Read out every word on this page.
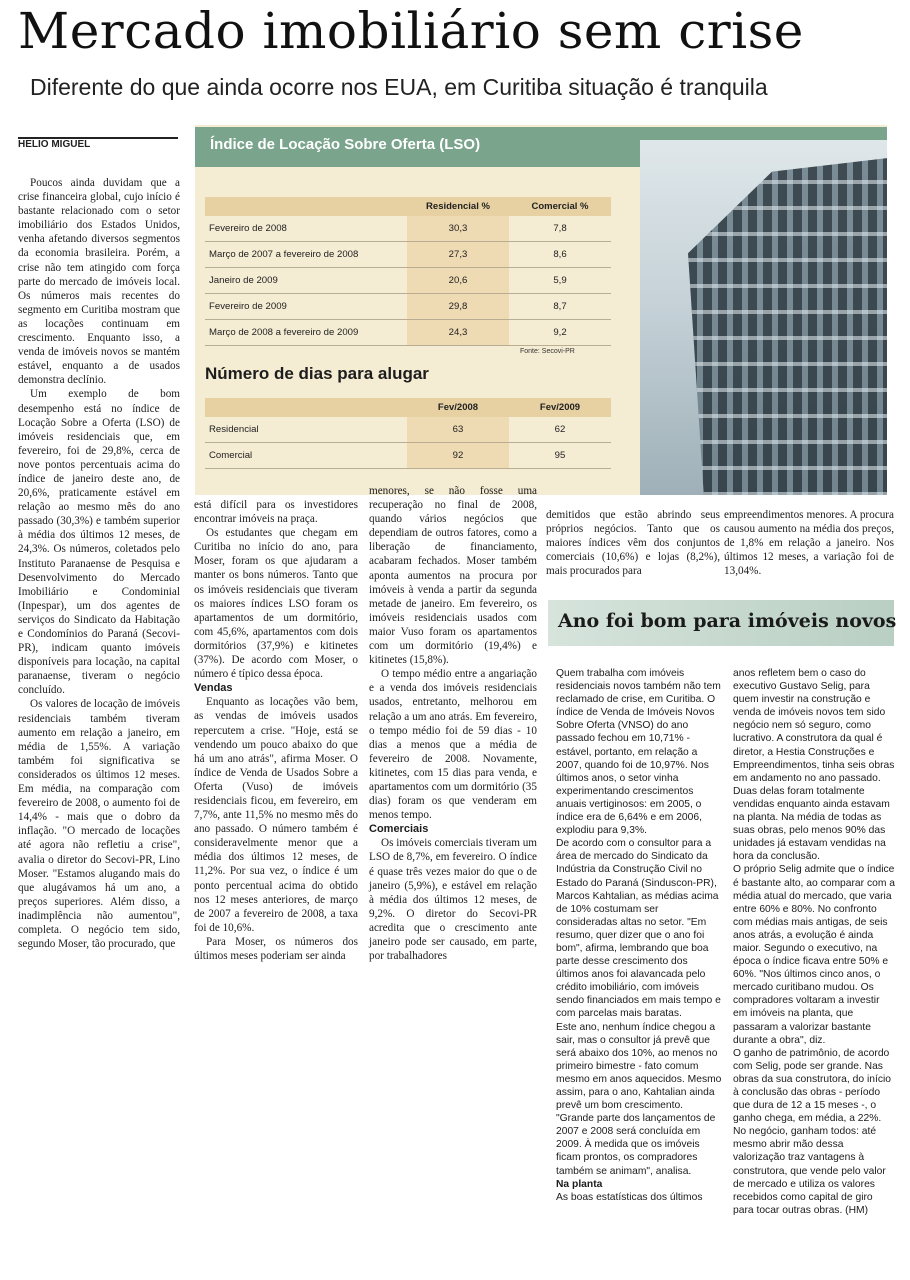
Mercado imobiliário sem crise
Diferente do que ainda ocorre nos EUA, em Curitiba situação é tranquila
HELIO MIGUEL	Índice de Locação Sobre Oferta (LSO)
	Residencial %	Comercial %
Fevereiro de 2008	30,3	7,8
Março de 2007 a fevereiro de 2008	27,3	8,6
Janeiro de 2009	20,6	5,9
Fevereiro de 2009	29,8	8,7
Março de 2008 a fevereiro de 2009	24,3	9,2
Fonte: Secovi-PR
Número de dias para alugar
	Fev/2008	Fev/2009
Residencial	63	62
Comercial	92	95

Poucos ainda duvidam que a crise financeira global, cujo início é bastante relacionado com o setor imobiliário dos Estados Unidos, venha afetando diversos segmentos da economia brasileira. Porém, a crise não tem atingido com força parte do mercado de imóveis local. Os números mais recentes do segmento em Curitiba mostram que as locações continuam em crescimento. Enquanto isso, a venda de imóveis novos se mantém estável, enquanto a de usados demonstra declínio.

Um exemplo de bom desempenho está no índice de Locação Sobre a Oferta (LSO) de imóveis residenciais que, em fevereiro, foi de 29,8%, cerca de nove pontos percentuais acima do índice de janeiro deste ano, de 20,6%, praticamente estável em relação ao mesmo mês do ano passado (30,3%) e também superior à média dos últimos 12 meses, de 24,3%. Os números, coletados pelo Instituto Paranaense de Pesquisa e Desenvolvimento do Mercado Imobiliário e Condominial (Inpespar), um dos agentes de serviços do Sindicato da Habitação e Condomínios do Paraná (Secovi-PR), indicam quanto imóveis disponíveis para locação, na capital paranaense, tiveram o negócio concluído.

Os valores de locação de imóveis residenciais também tiveram aumento em relação a janeiro, em média de 1,55%. A variação também foi significativa se considerados os últimos 12 meses. Em média, na comparação com fevereiro de 2008, o aumento foi de 14,4% - mais que o dobro da inflação. "O mercado de locações até agora não refletiu a crise", avalia o diretor do Secovi-PR, Lino Moser. "Estamos alugando mais do que alugávamos há um ano, a preços superiores. Além disso, a inadimplência não aumentou", completa. O negócio tem sido, segundo Moser, tão procurado, que

está difícil para os investidores encontrar imóveis na praça.

Os estudantes que chegam em Curitiba no início do ano, para Moser, foram os que ajudaram a manter os bons números. Tanto que os imóveis residenciais que tiveram os maiores índices LSO foram os apartamentos de um dormitório, com 45,6%, apartamentos com dois dormitórios (37,9%) e kitinetes (37%). De acordo com Moser, o número é típico dessa época.

Vendas

Enquanto as locações vão bem, as vendas de imóveis usados repercutem a crise. "Hoje, está se vendendo um pouco abaixo do que há um ano atrás", afirma Moser. O índice de Venda de Usados Sobre a Oferta (Vuso) de imóveis residenciais ficou, em fevereiro, em 7,7%, ante 11,5% no mesmo mês do ano passado. O número também é consideravelmente menor que a média dos últimos 12 meses, de 11,2%. Por sua vez, o índice é um ponto percentual acima do obtido nos 12 meses anteriores, de março de 2007 a fevereiro de 2008, a taxa foi de 10,6%.

Para Moser, os números dos últimos meses poderiam ser ainda

menores, se não fosse uma recuperação no final de 2008, quando vários negócios que dependiam de outros fatores, como a liberação de financiamento, acabaram fechados. Moser também aponta aumentos na procura por imóveis à venda a partir da segunda metade de janeiro. Em fevereiro, os imóveis residenciais usados com maior Vuso foram os apartamentos com um dormitório (19,4%) e kitinetes (15,8%).

O tempo médio entre a angariação e a venda dos imóveis residenciais usados, entretanto, melhorou em relação a um ano atrás. Em fevereiro, o tempo médio foi de 59 dias - 10 dias a menos que a média de fevereiro de 2008. Novamente, kitinetes, com 15 dias para venda, e apartamentos com um dormitório (35 dias) foram os que venderam em menos tempo.

Comerciais

Os imóveis comerciais tiveram um LSO de 8,7%, em fevereiro. O índice é quase três vezes maior do que o de janeiro (5,9%), e estável em relação à média dos últimos 12 meses, de 9,2%. O diretor do Secovi-PR acredita que o crescimento ante janeiro pode ser causado, em parte, por trabalhadores

demitidos que estão abrindo seus próprios negócios. Tanto que os maiores índices vêm dos conjuntos comerciais (10,6%) e lojas (8,2%), mais procurados para

empreendimentos menores. A procura causou aumento na média dos preços, de 1,8% em relação a janeiro. Nos últimos 12 meses, a variação foi de 13,04%.

Ano foi bom para imóveis novos

Quem trabalha com imóveis residenciais novos também não tem reclamado de crise, em Curitiba. O índice de Venda de Imóveis Novos Sobre Oferta (VNSO) do ano passado fechou em 10,71% - estável, portanto, em relação a 2007, quando foi de 10,97%. Nos últimos anos, o setor vinha experimentando crescimentos anuais vertiginosos: em 2005, o índice era de 6,64% e em 2006, explodiu para 9,3%.

De acordo com o consultor para a área de mercado do Sindicato da Indústria da Construção Civil no Estado do Paraná (Sinduscon-PR), Marcos Kahtalian, as médias acima de 10% costumam ser consideradas altas no setor. "Em resumo, quer dizer que o ano foi bom", afirma, lembrando que boa parte desse crescimento dos últimos anos foi alavancada pelo crédito imobiliário, com imóveis sendo financiados em mais tempo e com parcelas mais baratas.

Este ano, nenhum índice chegou a sair, mas o consultor já prevê que será abaixo dos 10%, ao menos no primeiro bimestre - fato comum mesmo em anos aquecidos. Mesmo assim, para o ano, Kahtalian ainda prevê um bom crescimento. "Grande parte dos lançamentos de 2007 e 2008 será concluída em 2009. À medida que os imóveis ficam prontos, os compradores também se animam", analisa.

Na planta

As boas estatísticas dos últimos

anos refletem bem o caso do executivo Gustavo Selig, para quem investir na construção e venda de imóveis novos tem sido negócio nem só seguro, como lucrativo. A construtora da qual é diretor, a Hestia Construções e Empreendimentos, tinha seis obras em andamento no ano passado. Duas delas foram totalmente vendidas enquanto ainda estavam na planta. Na média de todas as suas obras, pelo menos 90% das unidades já estavam vendidas na hora da conclusão.

O próprio Selig admite que o índice é bastante alto, ao comparar com a média atual do mercado, que varia entre 60% e 80%. No confronto com médias mais antigas, de seis anos atrás, a evolução é ainda maior. Segundo o executivo, na época o índice ficava entre 50% e 60%. "Nos últimos cinco anos, o mercado curitibano mudou. Os compradores voltaram a investir em imóveis na planta, que passaram a valorizar bastante durante a obra", diz.

O ganho de patrimônio, de acordo com Selig, pode ser grande. Nas obras da sua construtora, do início à conclusão das obras - período que dura de 12 a 15 meses -, o ganho chega, em média, a 22%. No negócio, ganham todos: até mesmo abrir mão dessa valorização traz vantagens à construtora, que vende pelo valor de mercado e utiliza os valores recebidos como capital de giro para tocar outras obras. (HM)
